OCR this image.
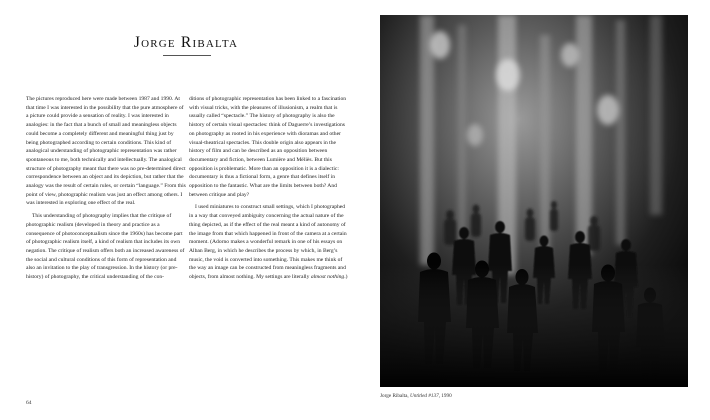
Jorge Ribalta

The pictures reproduced here were made between 1987 and 1990. At that time I was interested in the possibility that the pure atmosphere of a picture could provide a sensation of reality. I was interested in analogies: in the fact that a bunch of small and meaningless objects could become a completely different and meaningful thing just by being photographed according to certain conditions. This kind of analogical understanding of photographic representation was rather spontaneous to me, both technically and intellectually. The analogical structure of photography meant that there was no pre-determined direct correspondence between an object and its depiction, but rather that the analogy was the result of certain rules, or certain “language.” From this point of view, photographic realism was just an effect among others. I was interested in exploring one effect of the real.

This understanding of photography implies that the critique of photographic realism (developed in theory and practice as a consequence of photoconceptualism since the 1960s) has become part of photographic realism itself, a kind of realism that includes its own negation. The critique of realism offers both an increased awareness of the social and cultural conditions of this form of representation and also an invitation to the play of transgression. In the history (or pre-history) of photography, the critical understanding of the con-

ditions of photographic representation has been linked to a fascination with visual tricks, with the pleasures of illusionism, a realm that is usually called “spectacle.” The history of photography is also the history of certain visual spectacles: think of Daguerre’s investigations on photography as rooted in his experience with dioramas and other visual-theatrical spectacles. This double origin also appears in the history of film and can be described as an opposition between documentary and fiction, between Lumière and Méliès. But this opposition is problematic. More than an opposition it is a dialectic: documentary is thus a fictional form, a genre that defines itself in opposition to the fantastic. What are the limits between both? And between critique and play?

I used miniatures to construct small settings, which I photographed in a way that conveyed ambiguity concerning the actual nature of the thing depicted, as if the effect of the real meant a kind of autonomy of the image from that which happened in front of the camera at a certain moment. (Adorno makes a wonderful remark in one of his essays on Alban Berg, in which he describes the process by which, in Berg’s music, the void is converted into something. This makes me think of the way an image can be constructed from meaningless fragments and objects, from almost nothing. My settings are literally almost nothing.)

64
Jorge Ribalta, Untitled #137, 1990
